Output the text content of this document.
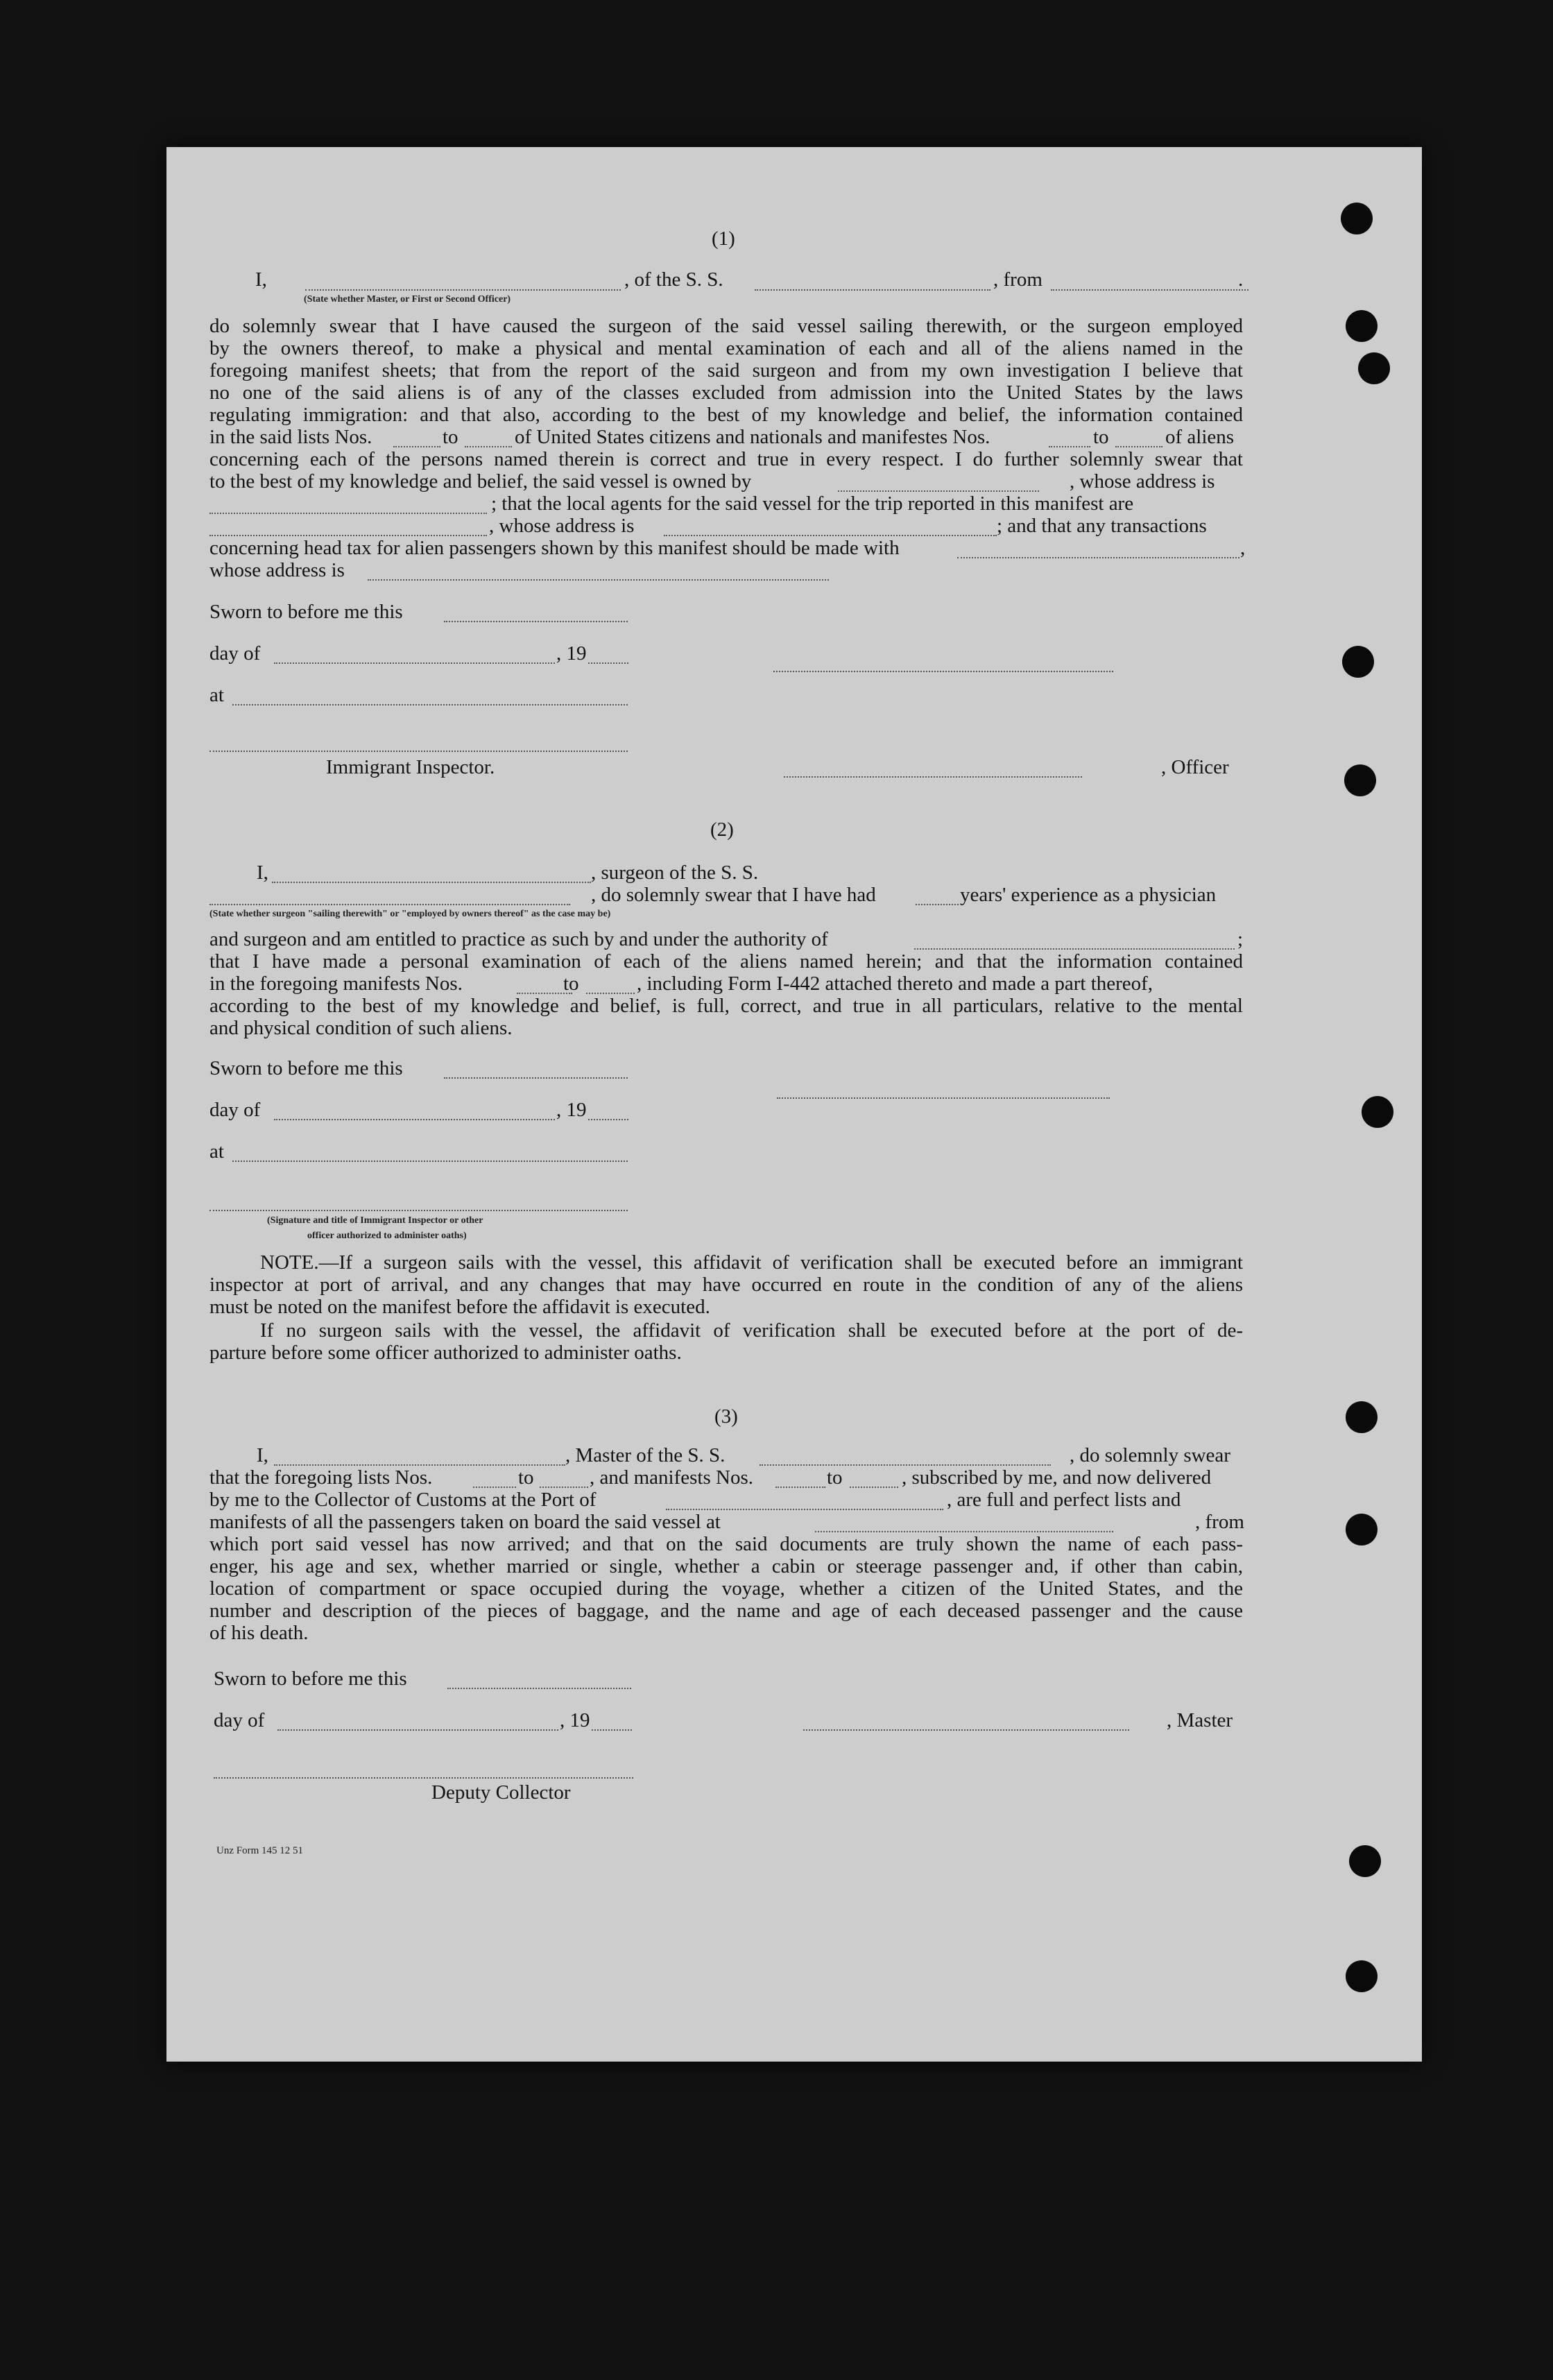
(1)
I,	, of the S. S.	, from	.
(State whether Master, or First or Second Officer)
do solemnly swear that I have caused the surgeon of the said vessel sailing therewith, or the surgeon employed
by the owners thereof, to make a physical and mental examination of each and all of the aliens named in the
foregoing manifest sheets; that from the report of the said surgeon and from my own investigation I believe that
no one of the said aliens is of any of the classes excluded from admission into the United States by the laws
regulating immigration: and that also, according to the best of my knowledge and belief, the information contained
in the said lists Nos.	to	of United States citizens and nationals and manifestes Nos.	to	of aliens
concerning each of the persons named therein is correct and true in every respect. I do further solemnly swear that
to the best of my knowledge and belief, the said vessel is owned by	, whose address is
; that the local agents for the said vessel for the trip reported in this manifest are
, whose address is	; and that any transactions
concerning head tax for alien passengers shown by this manifest should be made with	,
whose address is
Sworn to before me this
day of	, 19
at
Immigrant Inspector.	, Officer
(2)
I,	, surgeon of the S. S.
, do solemnly swear that I have had	years' experience as a physician
(State whether surgeon "sailing therewith" or "employed by owners thereof" as the case may be)
and surgeon and am entitled to practice as such by and under the authority of	;
that I have made a personal examination of each of the aliens named herein; and that the information contained
in the foregoing manifests Nos.	to	, including Form I-442 attached thereto and made a part thereof,
according to the best of my knowledge and belief, is full, correct, and true in all particulars, relative to the mental
and physical condition of such aliens.
Sworn to before me this
day of	, 19
at
(Signature and title of Immigrant Inspector or other
officer authorized to administer oaths)
NOTE.—If a surgeon sails with the vessel, this affidavit of verification shall be executed before an immigrant
inspector at port of arrival, and any changes that may have occurred en route in the condition of any of the aliens
must be noted on the manifest before the affidavit is executed.
If no surgeon sails with the vessel, the affidavit of verification shall be executed before at the port of de-
parture before some officer authorized to administer oaths.
(3)
I,	, Master of the S. S.	, do solemnly swear
that the foregoing lists Nos.	to	, and manifests Nos.	to	, subscribed by me, and now delivered
by me to the Collector of Customs at the Port of	, are full and perfect lists and
manifests of all the passengers taken on board the said vessel at	, from
which port said vessel has now arrived; and that on the said documents are truly shown the name of each pass-
enger, his age and sex, whether married or single, whether a cabin or steerage passenger and, if other than cabin,
location of compartment or space occupied during the voyage, whether a citizen of the United States, and the
number and description of the pieces of baggage, and the name and age of each deceased passenger and the cause
of his death.
Sworn to before me this
day of	, 19	, Master
Deputy Collector
Unz Form 145 12 51
